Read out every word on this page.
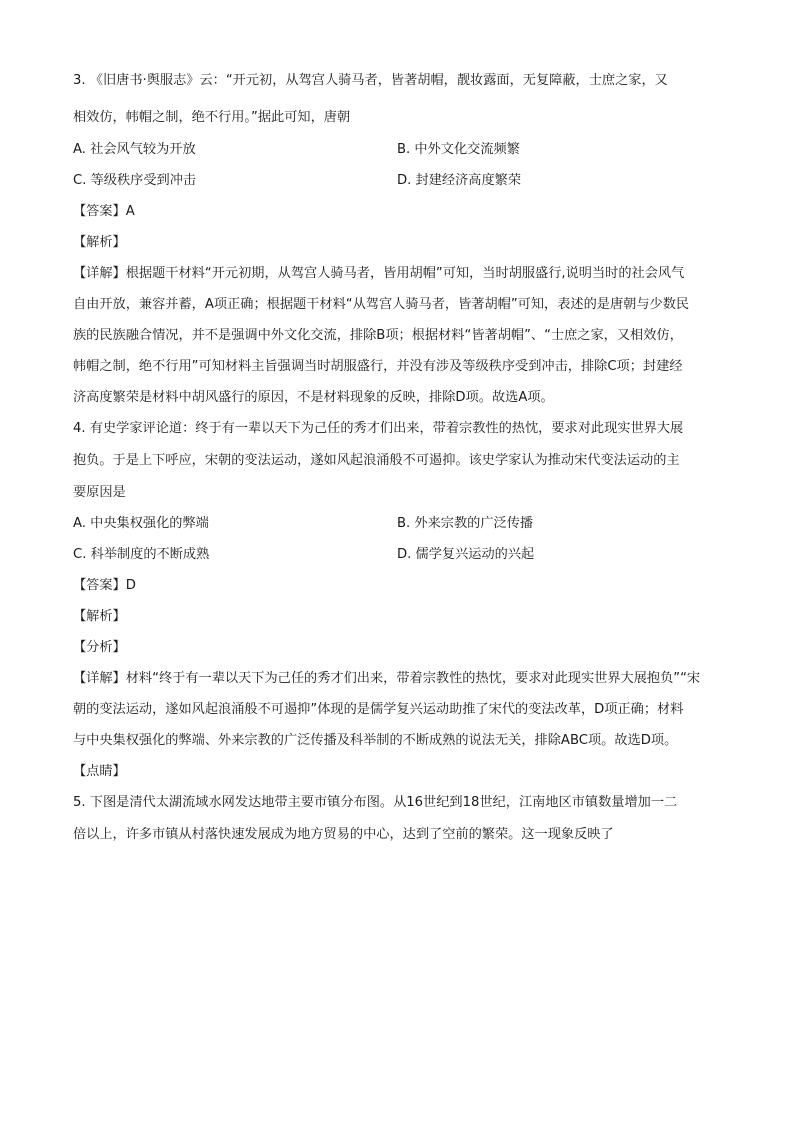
3. 《旧唐书·舆服志》云：“开元初，从驾宫人骑马者，皆著胡帽，靓妆露面，无复障蔽，士庶之家，又
相效仿，帏帽之制，绝不行用。”据此可知，唐朝
A. 社会风气较为开放	B. 中外文化交流频繁
C. 等级秩序受到冲击	D. 封建经济高度繁荣
【答案】A
【解析】
【详解】根据题干材料“开元初期，从驾宫人骑马者，皆用胡帽”可知，当时胡服盛行,说明当时的社会风气
自由开放，兼容并蓄，A项正确；根据题干材料“从驾宫人骑马者，皆著胡帽”可知，表述的是唐朝与少数民
族的民族融合情况，并不是强调中外文化交流，排除B项；根据材料“皆著胡帽”、“士庶之家，又相效仿，
帏帽之制，绝不行用”可知材料主旨强调当时胡服盛行，并没有涉及等级秩序受到冲击，排除C项；封建经
济高度繁荣是材料中胡风盛行的原因，不是材料现象的反映，排除D项。故选A项。
4. 有史学家评论道：终于有一辈以天下为己任的秀才们出来，带着宗教性的热忱，要求对此现实世界大展
抱负。于是上下呼应，宋朝的变法运动，遂如风起浪涌般不可遏抑。该史学家认为推动宋代变法运动的主
要原因是
A. 中央集权强化的弊端	B. 外来宗教的广泛传播
C. 科举制度的不断成熟	D. 儒学复兴运动的兴起
【答案】D
【解析】
【分析】
【详解】材料“终于有一辈以天下为己任的秀才们出来，带着宗教性的热忱，要求对此现实世界大展抱负”“宋
朝的变法运动，遂如风起浪涌般不可遏抑”体现的是儒学复兴运动助推了宋代的变法改革，D项正确；材料
与中央集权强化的弊端、外来宗教的广泛传播及科举制的不断成熟的说法无关，排除ABC项。故选D项。
【点睛】
5. 下图是清代太湖流域水网发达地带主要市镇分布图。从16世纪到18世纪，江南地区市镇数量增加一二
倍以上，许多市镇从村落快速发展成为地方贸易的中心，达到了空前的繁荣。这一现象反映了
